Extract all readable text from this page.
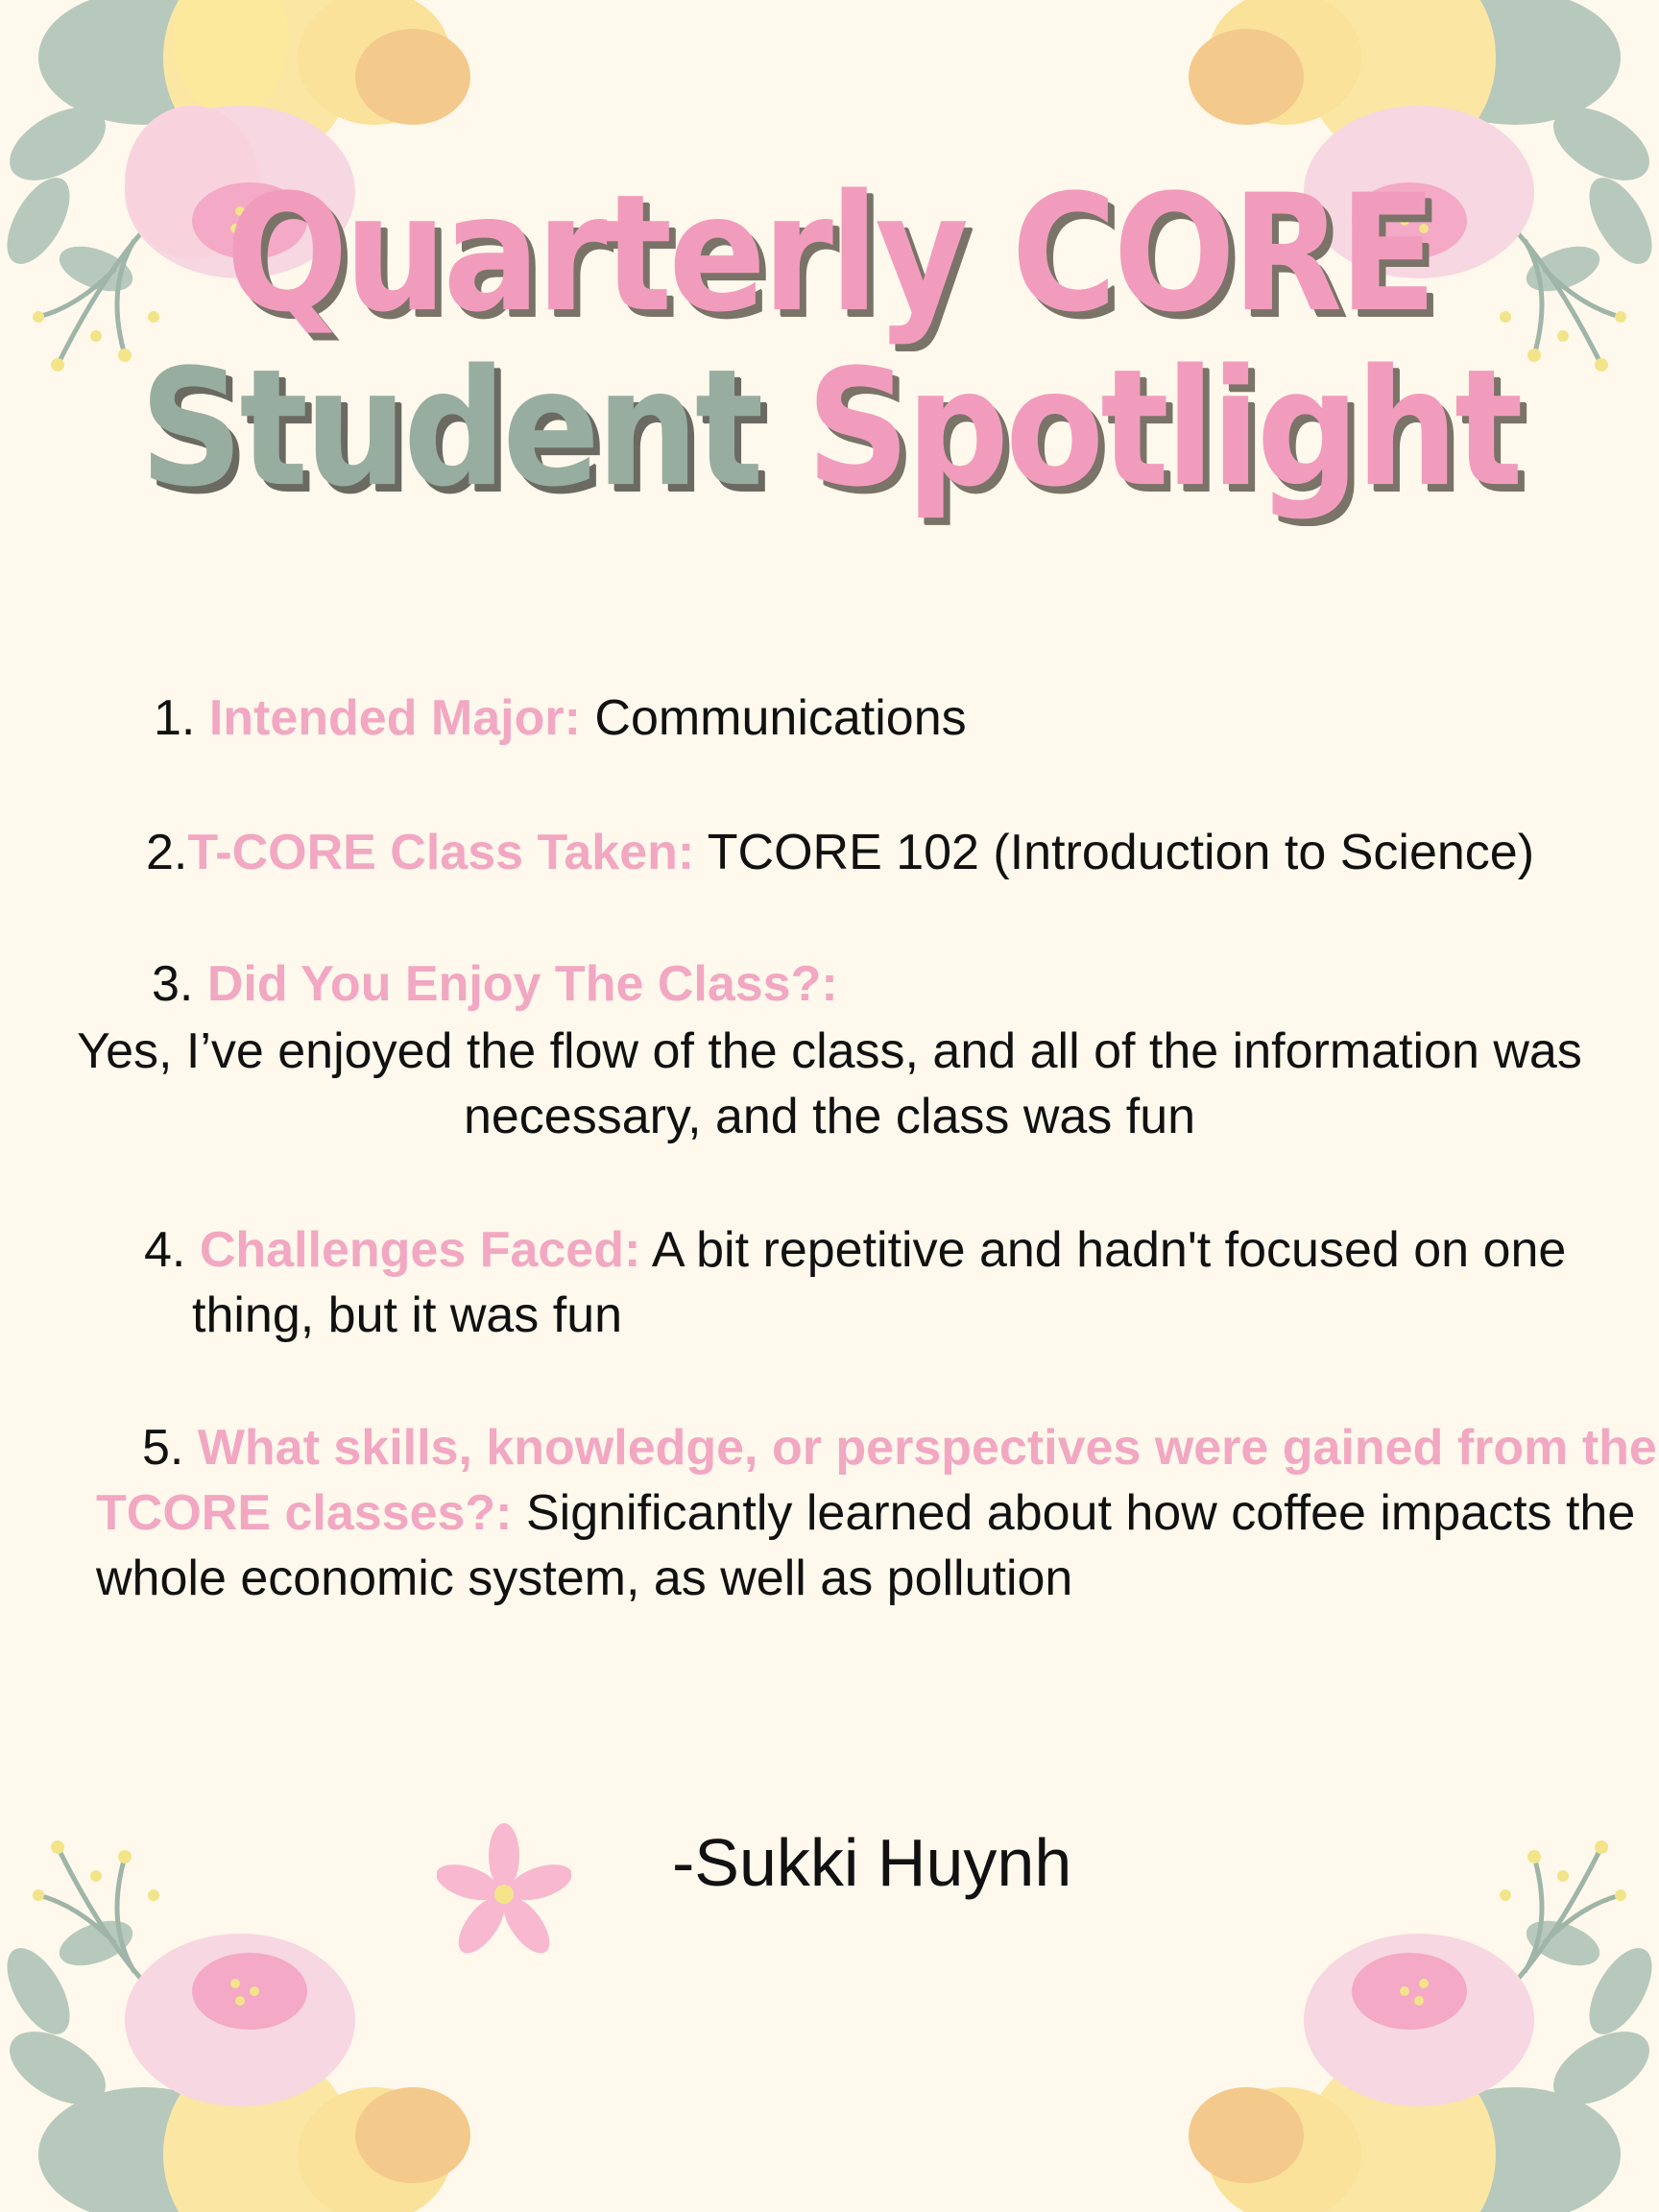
Quarterly CORE
Student Spotlight
1. Intended Major: Communications
2.T-CORE Class Taken: TCORE 102 (Introduction to Science)
3. Did You Enjoy The Class?:
Yes, I’ve enjoyed the flow of the class, and all of the information was
necessary, and the class was fun
4. Challenges Faced: A bit repetitive and hadn't focused on one
thing, but it was fun
5. What skills, knowledge, or perspectives were gained from the
TCORE classes?: Significantly learned about how coffee impacts the
whole economic system, as well as pollution
-Sukki Huynh
